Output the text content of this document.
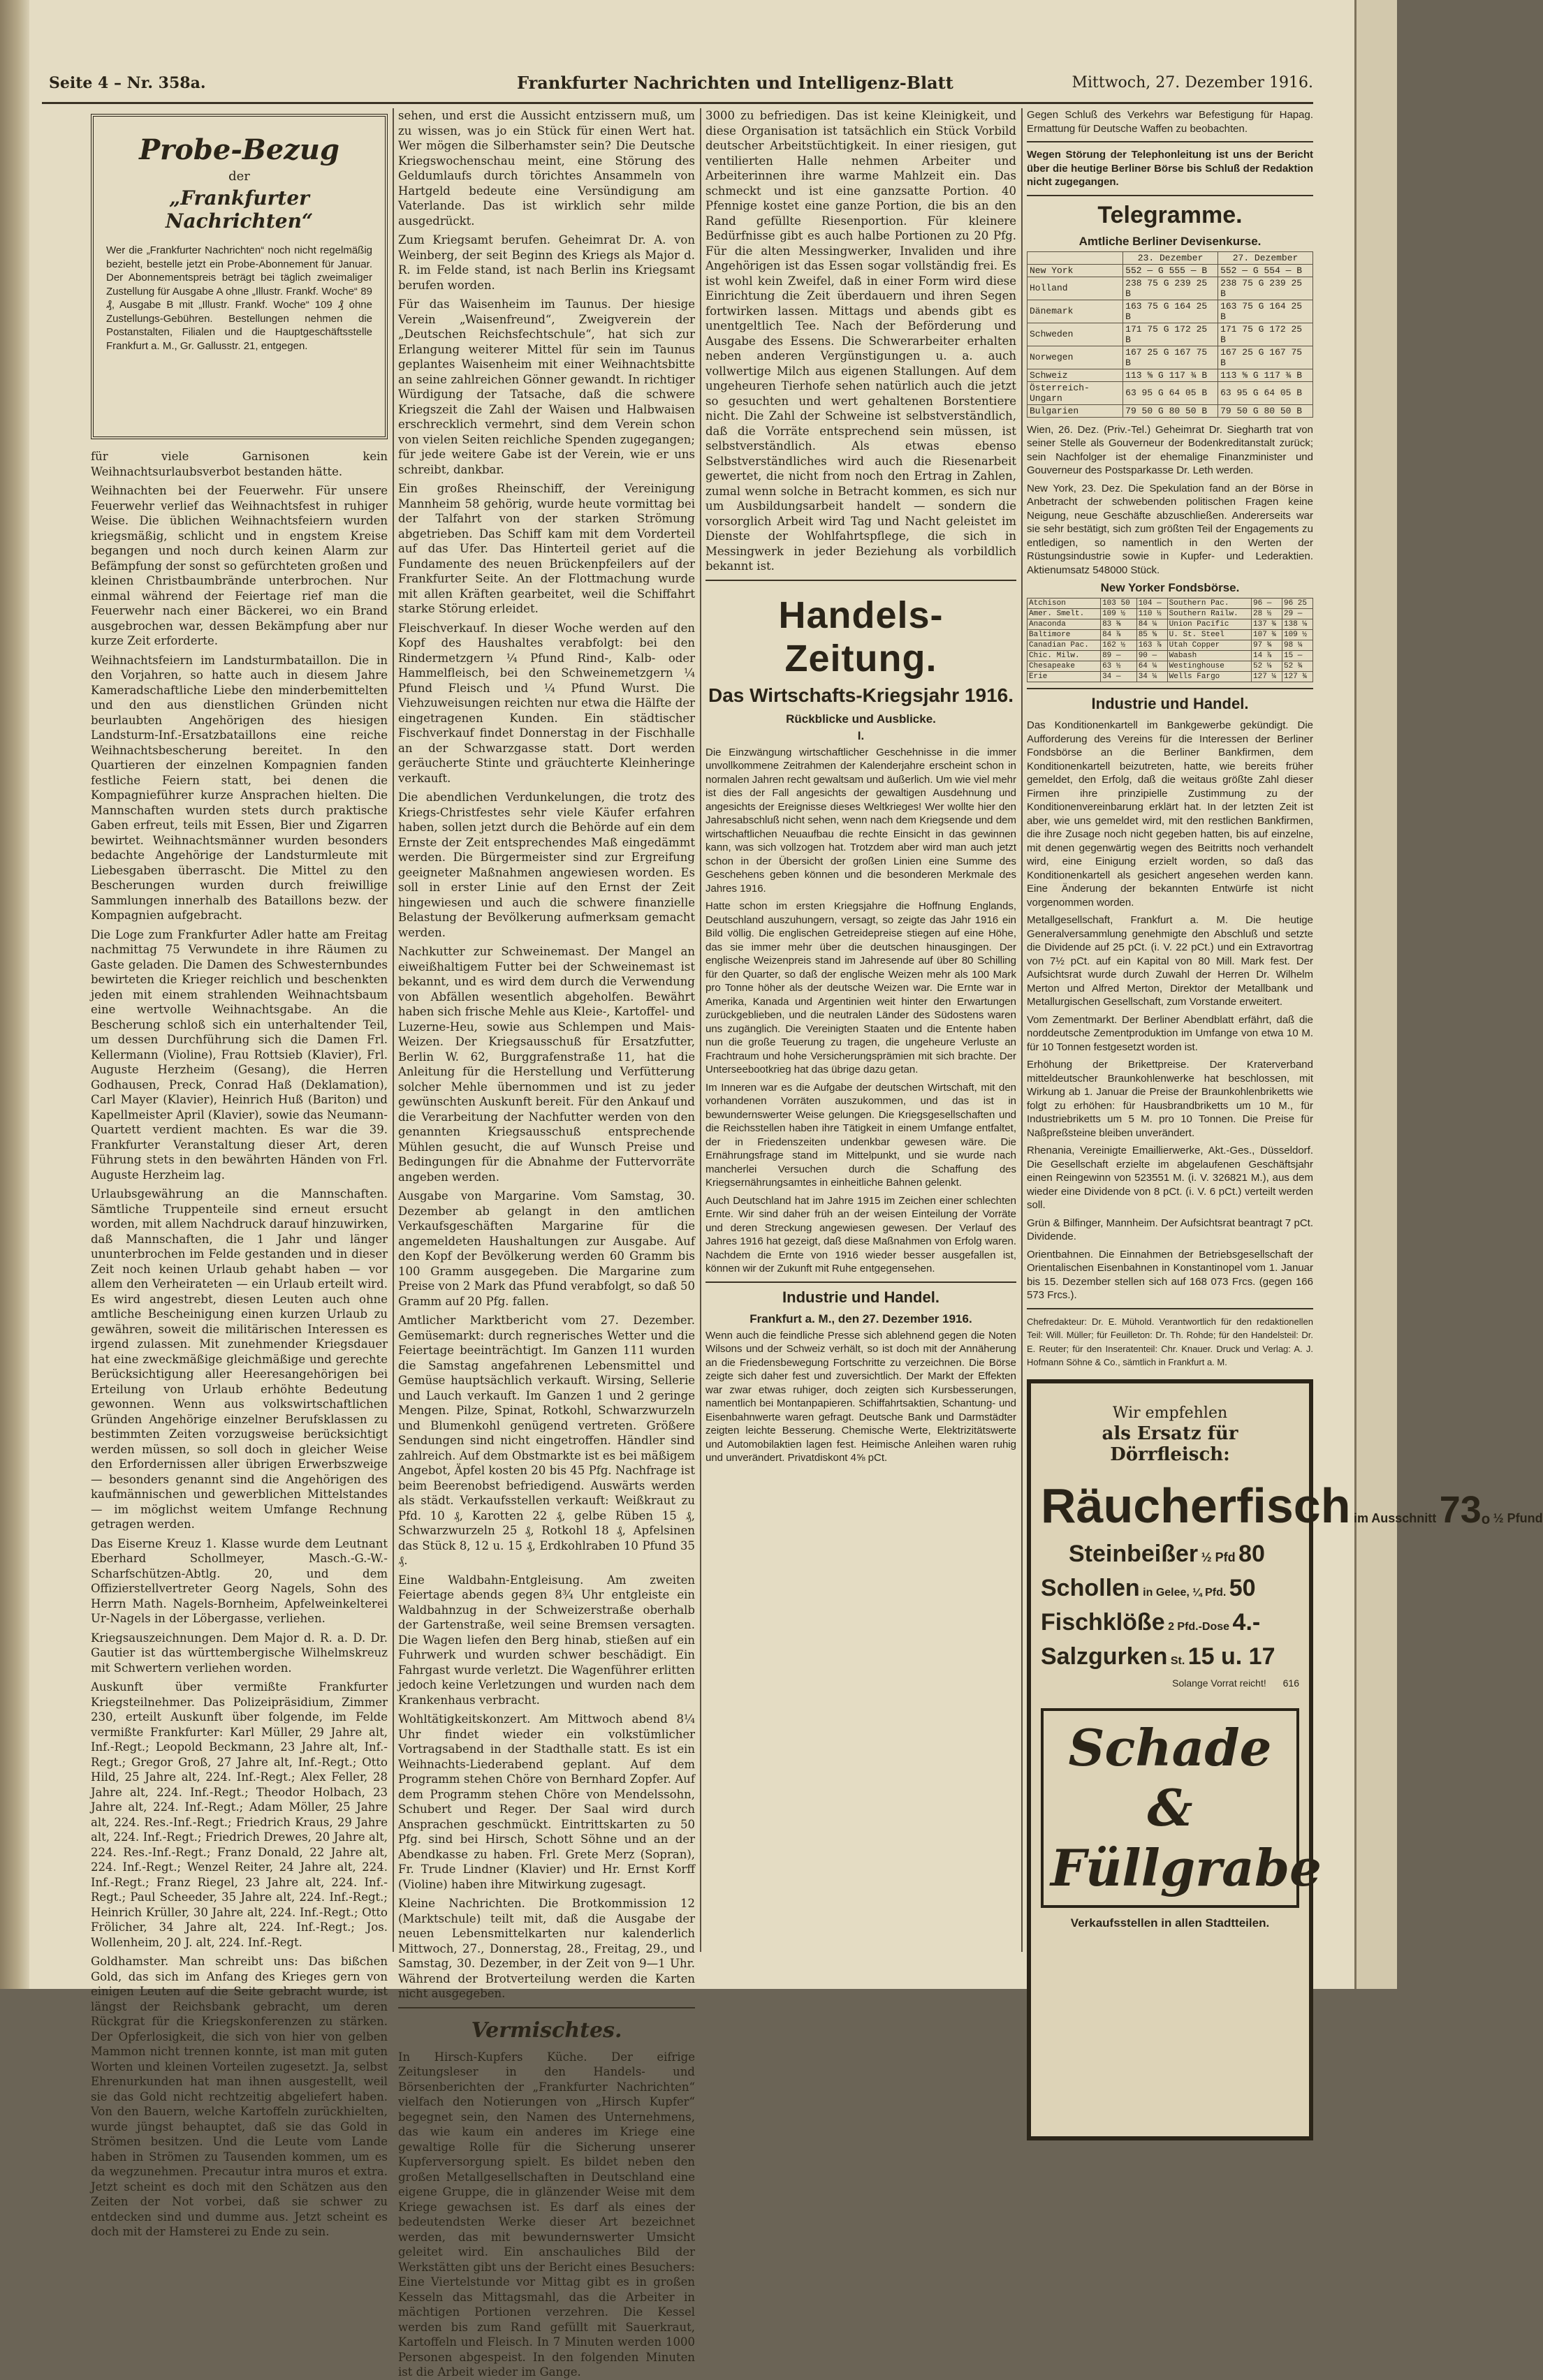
Seite 4 – Nr. 358a.	Frankfurter Nachrichten und Intelligenz-Blatt	Mittwoch, 27. Dezember 1916.
Probe-Bezug
der
„Frankfurter Nachrichten“

Wer die „Frankfurter Nachrichten“ noch nicht regelmäßig bezieht, bestelle jetzt ein Probe-Abonnement für Januar. Der Abonnementspreis beträgt bei täglich zweimaliger Zustellung für Ausgabe A ohne „Illustr. Frankf. Woche“ 89 ₰, Ausgabe B mit „Illustr. Frankf. Woche“ 109 ₰ ohne Zustellungs-Gebühren. Bestellungen nehmen die Postanstalten, Filialen und die Hauptgeschäftsstelle Frankfurt a. M., Gr. Gallusstr. 21, entgegen.

für viele Garnisonen kein Weihnachtsurlaubsverbot bestanden hätte.

Weihnachten bei der Feuerwehr. Für unsere Feuerwehr verlief das Weihnachtsfest in ruhiger Weise. Die üblichen Weihnachtsfeiern wurden kriegsmäßig, schlicht und in engstem Kreise begangen und noch durch keinen Alarm zur Befämpfung der sonst so gefürchteten großen und kleinen Christbaumbrände unterbrochen. Nur einmal während der Feiertage rief man die Feuerwehr nach einer Bäckerei, wo ein Brand ausgebrochen war, dessen Bekämpfung aber nur kurze Zeit erforderte.

Weihnachtsfeiern im Landsturmbataillon. Die in den Vorjahren, so hatte auch in diesem Jahre Kameradschaftliche Liebe den minderbemittelten und den aus dienstlichen Gründen nicht beurlaubten Angehörigen des hiesigen Landsturm-Inf.-Ersatzbataillons eine reiche Weihnachtsbescherung bereitet. In den Quartieren der einzelnen Kompagnien fanden festliche Feiern statt, bei denen die Kompagnieführer kurze Ansprachen hielten. Die Mannschaften wurden stets durch praktische Gaben erfreut, teils mit Essen, Bier und Zigarren bewirtet. Weihnachtsmänner wurden besonders bedachte Angehörige der Landsturmleute mit Liebesgaben überrascht. Die Mittel zu den Bescherungen wurden durch freiwillige Sammlungen innerhalb des Bataillons bezw. der Kompagnien aufgebracht.

Die Loge zum Frankfurter Adler hatte am Freitag nachmittag 75 Verwundete in ihre Räumen zu Gaste geladen. Die Damen des Schwesternbundes bewirteten die Krieger reichlich und beschenkten jeden mit einem strahlenden Weihnachtsbaum eine wertvolle Weihnachtsgabe. An die Bescherung schloß sich ein unterhaltender Teil, um dessen Durchführung sich die Damen Frl. Kellermann (Violine), Frau Rottsieb (Klavier), Frl. Auguste Herzheim (Gesang), die Herren Godhausen, Preck, Conrad Haß (Deklamation), Carl Mayer (Klavier), Heinrich Huß (Bariton) und Kapellmeister April (Klavier), sowie das Neumann-Quartett verdient machten. Es war die 39. Frankfurter Veranstaltung dieser Art, deren Führung stets in den bewährten Händen von Frl. Auguste Herzheim lag.

Urlaubsgewährung an die Mannschaften. Sämtliche Truppenteile sind erneut ersucht worden, mit allem Nachdruck darauf hinzuwirken, daß Mannschaften, die 1 Jahr und länger ununterbrochen im Felde gestanden und in dieser Zeit noch keinen Urlaub gehabt haben — vor allem den Verheirateten — ein Urlaub erteilt wird. Es wird angestrebt, diesen Leuten auch ohne amtliche Bescheinigung einen kurzen Urlaub zu gewähren, soweit die militärischen Interessen es irgend zulassen. Mit zunehmender Kriegsdauer hat eine zweckmäßige gleichmäßige und gerechte Berücksichtigung aller Heeresangehörigen bei Erteilung von Urlaub erhöhte Bedeutung gewonnen. Wenn aus volkswirtschaftlichen Gründen Angehörige einzelner Berufsklassen zu bestimmten Zeiten vorzugsweise berücksichtigt werden müssen, so soll doch in gleicher Weise den Erfordernissen aller übrigen Erwerbszweige — besonders genannt sind die Angehörigen des kaufmännischen und gewerblichen Mittelstandes — im möglichst weitem Umfange Rechnung getragen werden.

Das Eiserne Kreuz 1. Klasse wurde dem Leutnant Eberhard Schollmeyer, Masch.-G.-W.-Scharfschützen-Abtlg. 20, und dem Offizierstellvertreter Georg Nagels, Sohn des Herrn Math. Nagels-Bornheim, Apfelweinkelterei Ur-Nagels in der Löbergasse, verliehen.

Kriegsauszeichnungen. Dem Major d. R. a. D. Dr. Gautier ist das württembergische Wilhelmskreuz mit Schwertern verliehen worden.

Auskunft über vermißte Frankfurter Kriegsteilnehmer. Das Polizeipräsidium, Zimmer 230, erteilt Auskunft über folgende, im Felde vermißte Frankfurter: Karl Müller, 29 Jahre alt, Inf.-Regt.; Leopold Beckmann, 23 Jahre alt, Inf.-Regt.; Gregor Groß, 27 Jahre alt, Inf.-Regt.; Otto Hild, 25 Jahre alt, 224. Inf.-Regt.; Alex Feller, 28 Jahre alt, 224. Inf.-Regt.; Theodor Holbach, 23 Jahre alt, 224. Inf.-Regt.; Adam Möller, 25 Jahre alt, 224. Res.-Inf.-Regt.; Friedrich Kraus, 29 Jahre alt, 224. Inf.-Regt.; Friedrich Drewes, 20 Jahre alt, 224. Res.-Inf.-Regt.; Franz Donald, 22 Jahre alt, 224. Inf.-Regt.; Wenzel Reiter, 24 Jahre alt, 224. Inf.-Regt.; Franz Riegel, 23 Jahre alt, 224. Inf.-Regt.; Paul Scheeder, 35 Jahre alt, 224. Inf.-Regt.; Heinrich Krüller, 30 Jahre alt, 224. Inf.-Regt.; Otto Frölicher, 34 Jahre alt, 224. Inf.-Regt.; Jos. Wollenheim, 20 J. alt, 224. Inf.-Regt.

Goldhamster. Man schreibt uns: Das bißchen Gold, das sich im Anfang des Krieges gern von einigen Leuten auf die Seite gebracht wurde, ist längst der Reichsbank gebracht, um deren Rückgrat für die Kriegskonferenzen zu stärken. Der Opferlosigkeit, die sich von hier von gelben Mammon nicht trennen konnte, ist man mit guten Worten und kleinen Vorteilen zugesetzt. Ja, selbst Ehrenurkunden hat man ihnen ausgestellt, weil sie das Gold nicht rechtzeitig abgeliefert haben. Von den Bauern, welche Kartoffeln zurückhielten, wurde jüngst behauptet, daß sie das Gold in Strömen besitzen. Und die Leute vom Lande haben in Strömen zu Tausenden kommen, um es da wegzunehmen. Precautur intra muros et extra. Jetzt scheint es doch mit den Schätzen aus den Zeiten der Not vorbei, daß sie schwer zu entdecken sind und dumme aus. Jetzt scheint es doch mit der Hamsterei zu Ende zu sein.

sehen, und erst die Aussicht entzissern muß, um zu wissen, was jo ein Stück für einen Wert hat. Wer mögen die Silberhamster sein? Die Deutsche Kriegswochenschau meint, eine Störung des Geldumlaufs durch törichtes Ansammeln von Hartgeld bedeute eine Versündigung am Vaterlande. Das ist wirklich sehr milde ausgedrückt.

Zum Kriegsamt berufen. Geheimrat Dr. A. von Weinberg, der seit Beginn des Kriegs als Major d. R. im Felde stand, ist nach Berlin ins Kriegsamt berufen worden.

Für das Waisenheim im Taunus. Der hiesige Verein „Waisenfreund“, Zweigverein der „Deutschen Reichsfechtschule“, hat sich zur Erlangung weiterer Mittel für sein im Taunus geplantes Waisenheim mit einer Weihnachtsbitte an seine zahlreichen Gönner gewandt. In richtiger Würdigung der Tatsache, daß die schwere Kriegszeit die Zahl der Waisen und Halbwaisen erschrecklich vermehrt, sind dem Verein schon von vielen Seiten reichliche Spenden zugegangen; für jede weitere Gabe ist der Verein, wie er uns schreibt, dankbar.

Ein großes Rheinschiff, der Vereinigung Mannheim 58 gehörig, wurde heute vormittag bei der Talfahrt von der starken Strömung abgetrieben. Das Schiff kam mit dem Vorderteil auf das Ufer. Das Hinterteil geriet auf die Fundamente des neuen Brückenpfeilers auf der Frankfurter Seite. An der Flottmachung wurde mit allen Kräften gearbeitet, weil die Schiffahrt starke Störung erleidet.

Fleischverkauf. In dieser Woche werden auf den Kopf des Haushaltes verabfolgt: bei den Rindermetzgern ¼ Pfund Rind-, Kalb- oder Hammelfleisch, bei den Schweinemetzgern ¼ Pfund Fleisch und ¼ Pfund Wurst. Die Viehzuweisungen reichten nur etwa die Hälfte der eingetragenen Kunden. Ein städtischer Fischverkauf findet Donnerstag in der Fischhalle an der Schwarzgasse statt. Dort werden geräucherte Stinte und gräuchterte Kleinheringe verkauft.

Die abendlichen Verdunkelungen, die trotz des Kriegs-Christfestes sehr viele Käufer erfahren haben, sollen jetzt durch die Behörde auf ein dem Ernste der Zeit entsprechendes Maß eingedämmt werden. Die Bürgermeister sind zur Ergreifung geeigneter Maßnahmen angewiesen worden. Es soll in erster Linie auf den Ernst der Zeit hingewiesen und auch die schwere finanzielle Belastung der Bevölkerung aufmerksam gemacht werden.

Nachkutter zur Schweinemast. Der Mangel an eiweißhaltigem Futter bei der Schweinemast ist bekannt, und es wird dem durch die Verwendung von Abfällen wesentlich abgeholfen. Bewährt haben sich frische Mehle aus Kleie-, Kartoffel- und Luzerne-Heu, sowie aus Schlempen und Mais-Weizen. Der Kriegsausschuß für Ersatzfutter, Berlin W. 62, Burggrafenstraße 11, hat die Anleitung für die Herstellung und Verfütterung solcher Mehle übernommen und ist zu jeder gewünschten Auskunft bereit. Für den Ankauf und die Verarbeitung der Nachfutter werden von den genannten Kriegsausschuß entsprechende Mühlen gesucht, die auf Wunsch Preise und Bedingungen für die Abnahme der Futtervorräte angeben werden.

Ausgabe von Margarine. Vom Samstag, 30. Dezember ab gelangt in den amtlichen Verkaufsgeschäften Margarine für die angemeldeten Haushaltungen zur Ausgabe. Auf den Kopf der Bevölkerung werden 60 Gramm bis 100 Gramm ausgegeben. Die Margarine zum Preise von 2 Mark das Pfund verabfolgt, so daß 50 Gramm auf 20 Pfg. fallen.

Amtlicher Marktbericht vom 27. Dezember. Gemüsemarkt: durch regnerisches Wetter und die Feiertage beeinträchtigt. Im Ganzen 111 wurden die Samstag angefahrenen Lebensmittel und Gemüse hauptsächlich verkauft. Wirsing, Sellerie und Lauch verkauft. Im Ganzen 1 und 2 geringe Mengen. Pilze, Spinat, Rotkohl, Schwarzwurzeln und Blumenkohl genügend vertreten. Größere Sendungen sind nicht eingetroffen. Händler sind zahlreich. Auf dem Obstmarkte ist es bei mäßigem Angebot, Äpfel kosten 20 bis 45 Pfg. Nachfrage ist beim Beerenobst befriedigend. Auswärts werden als städt. Verkaufsstellen verkauft: Weißkraut zu Pfd. 10 ₰, Karotten 22 ₰, gelbe Rüben 15 ₰, Schwarzwurzeln 25 ₰, Rotkohl 18 ₰, Apfelsinen das Stück 8, 12 u. 15 ₰, Erdkohlraben 10 Pfund 35 ₰.

Eine Waldbahn-Entgleisung. Am zweiten Feiertage abends gegen 8¾ Uhr entgleiste ein Waldbahnzug in der Schweizerstraße oberhalb der Gartenstraße, weil seine Bremsen versagten. Die Wagen liefen den Berg hinab, stießen auf ein Fuhrwerk und wurden schwer beschädigt. Ein Fahrgast wurde verletzt. Die Wagenführer erlitten jedoch keine Verletzungen und wurden nach dem Krankenhaus verbracht.

Wohltätigkeitskonzert. Am Mittwoch abend 8¼ Uhr findet wieder ein volkstümlicher Vortragsabend in der Stadthalle statt. Es ist ein Weihnachts-Liederabend geplant. Auf dem Programm stehen Chöre von Bernhard Zopfer. Auf dem Programm stehen Chöre von Mendelssohn, Schubert und Reger. Der Saal wird durch Ansprachen geschmückt. Eintrittskarten zu 50 Pfg. sind bei Hirsch, Schott Söhne und an der Abendkasse zu haben. Frl. Grete Merz (Sopran), Fr. Trude Lindner (Klavier) und Hr. Ernst Korff (Violine) haben ihre Mitwirkung zugesagt.

Kleine Nachrichten. Die Brotkommission 12 (Marktschule) teilt mit, daß die Ausgabe der neuen Lebensmittelkarten nur kalenderlich Mittwoch, 27., Donnerstag, 28., Freitag, 29., und Samstag, 30. Dezember, in der Zeit von 9—1 Uhr. Während der Brotverteilung werden die Karten nicht ausgegeben.

Vermischtes.

In Hirsch-Kupfers Küche. Der eifrige Zeitungsleser in den Handels- und Börsenberichten der „Frankfurter Nachrichten“ vielfach den Notierungen von „Hirsch Kupfer“ begegnet sein, den Namen des Unternehmens, das wie kaum ein anderes im Kriege eine gewaltige Rolle für die Sicherung unserer Kupferversorgung spielt. Es bildet neben den großen Metallgesellschaften in Deutschland eine eigene Gruppe, die in glänzender Weise mit dem Kriege gewachsen ist. Es darf als eines der bedeutendsten Werke dieser Art bezeichnet werden, das mit bewundernswerter Umsicht geleitet wird. Ein anschauliches Bild der Werkstätten gibt uns der Bericht eines Besuchers: Eine Viertelstunde vor Mittag gibt es in großen Kesseln das Mittagsmahl, das die Arbeiter in mächtigen Portionen verzehren. Die Kessel werden bis zum Rand gefüllt mit Sauerkraut, Kartoffeln und Fleisch. In 7 Minuten werden 1000 Personen abgespeist. In den folgenden Minuten ist die Arbeit wieder im Gange.

3000 zu befriedigen. Das ist keine Kleinigkeit, und diese Organisation ist tatsächlich ein Stück Vorbild deutscher Arbeitstüchtigkeit. In einer riesigen, gut ventilierten Halle nehmen Arbeiter und Arbeiterinnen ihre warme Mahlzeit ein. Das schmeckt und ist eine ganzsatte Portion. 40 Pfennige kostet eine ganze Portion, die bis an den Rand gefüllte Riesenportion. Für kleinere Bedürfnisse gibt es auch halbe Portionen zu 20 Pfg. Für die alten Messingwerker, Invaliden und ihre Angehörigen ist das Essen sogar vollständig frei. Es ist wohl kein Zweifel, daß in einer Form wird diese Einrichtung die Zeit überdauern und ihren Segen fortwirken lassen. Mittags und abends gibt es unentgeltlich Tee. Nach der Beförderung und Ausgabe des Essens. Die Schwerarbeiter erhalten neben anderen Vergünstigungen u. a. auch vollwertige Milch aus eigenen Stallungen. Auf dem ungeheuren Tierhofe sehen natürlich auch die jetzt so gesuchten und wert gehaltenen Borstentiere nicht. Die Zahl der Schweine ist selbstverständlich, daß die Vorräte entsprechend sein müssen, ist selbstverständlich. Als etwas ebenso Selbstverständliches wird auch die Riesenarbeit gewertet, die nicht from noch den Ertrag in Zahlen, zumal wenn solche in Betracht kommen, es sich nur um Ausbildungsarbeit handelt — sondern die vorsorglich Arbeit wird Tag und Nacht geleistet im Dienste der Wohlfahrtspflege, die sich in Messingwerk in jeder Beziehung als vorbildlich bekannt ist.

Handels-Zeitung.
Das Wirtschafts-Kriegsjahr 1916.
Rückblicke und Ausblicke.
I.

Die Einzwängung wirtschaftlicher Geschehnisse in die immer unvollkommene Zeitrahmen der Kalenderjahre erscheint schon in normalen Jahren recht gewaltsam und äußerlich. Um wie viel mehr ist dies der Fall angesichts der gewaltigen Ausdehnung und angesichts der Ereignisse dieses Weltkrieges! Wer wollte hier den Jahresabschluß nicht sehen, wenn nach dem Kriegsende und dem wirtschaftlichen Neuaufbau die rechte Einsicht in das gewinnen kann, was sich vollzogen hat. Trotzdem aber wird man auch jetzt schon in der Übersicht der großen Linien eine Summe des Geschehens geben können und die besonderen Merkmale des Jahres 1916.

Hatte schon im ersten Kriegsjahre die Hoffnung Englands, Deutschland auszuhungern, versagt, so zeigte das Jahr 1916 ein Bild völlig. Die englischen Getreidepreise stiegen auf eine Höhe, das sie immer mehr über die deutschen hinausgingen. Der englische Weizenpreis stand im Jahresende auf über 80 Schilling für den Quarter, so daß der englische Weizen mehr als 100 Mark pro Tonne höher als der deutsche Weizen war. Die Ernte war in Amerika, Kanada und Argentinien weit hinter den Erwartungen zurückgeblieben, und die neutralen Länder des Südostens waren uns zugänglich. Die Vereinigten Staaten und die Entente haben nun die große Teuerung zu tragen, die ungeheure Verluste an Frachtraum und hohe Versicherungsprämien mit sich brachte. Der Unterseebootkrieg hat das übrige dazu getan.

Im Inneren war es die Aufgabe der deutschen Wirtschaft, mit den vorhandenen Vorräten auszukommen, und das ist in bewundernswerter Weise gelungen. Die Kriegsgesellschaften und die Reichsstellen haben ihre Tätigkeit in einem Umfange entfaltet, der in Friedenszeiten undenkbar gewesen wäre. Die Ernährungsfrage stand im Mittelpunkt, und sie wurde nach mancherlei Versuchen durch die Schaffung des Kriegsernährungsamtes in einheitliche Bahnen gelenkt.

Auch Deutschland hat im Jahre 1915 im Zeichen einer schlechten Ernte. Wir sind daher früh an der weisen Einteilung der Vorräte und deren Streckung angewiesen gewesen. Der Verlauf des Jahres 1916 hat gezeigt, daß diese Maßnahmen von Erfolg waren. Nachdem die Ernte von 1916 wieder besser ausgefallen ist, können wir der Zukunft mit Ruhe entgegensehen.

Industrie und Handel.
Frankfurt a. M., den 27. Dezember 1916.

Wenn auch die feindliche Presse sich ablehnend gegen die Noten Wilsons und der Schweiz verhält, so ist doch mit der Annäherung an die Friedensbewegung Fortschritte zu verzeichnen. Die Börse zeigte sich daher fest und zuversichtlich. Der Markt der Effekten war zwar etwas ruhiger, doch zeigten sich Kursbesserungen, namentlich bei Montanpapieren. Schiffahrtsaktien, Schantung- und Eisenbahnwerte waren gefragt. Deutsche Bank und Darmstädter zeigten leichte Besserung. Chemische Werte, Elektrizitätswerte und Automobilaktien lagen fest. Heimische Anleihen waren ruhig und unverändert. Privatdiskont 4⅝ pCt.

Gegen Schluß des Verkehrs war Befestigung für Hapag. Ermattung für Deutsche Waffen zu beobachten.

Wegen Störung der Telephonleitung ist uns der Bericht über die heutige Berliner Börse bis Schluß der Redaktion nicht zugegangen.

Telegramme.
Amtliche Berliner Devisenkurse.
	23. Dezember	27. Dezember
New York	552 — G 555 — B	552 — G 554 — B
Holland	238 75 G 239 25 B	238 75 G 239 25 B
Dänemark	163 75 G 164 25 B	163 75 G 164 25 B
Schweden	171 75 G 172 25 B	171 75 G 172 25 B
Norwegen	167 25 G 167 75 B	167 25 G 167 75 B
Schweiz	113 ⅝ G 117 ¾ B	113 ⅝ G 117 ¾ B
Österreich-Ungarn	63 95 G 64 05 B	63 95 G 64 05 B
Bulgarien	79 50 G 80 50 B	79 50 G 80 50 B

Wien, 26. Dez. (Priv.-Tel.) Geheimrat Dr. Siegharth trat von seiner Stelle als Gouverneur der Bodenkreditanstalt zurück; sein Nachfolger ist der ehemalige Finanzminister und Gouverneur des Postsparkasse Dr. Leth werden.

New York, 23. Dez. Die Spekulation fand an der Börse in Anbetracht der schwebenden politischen Fragen keine Neigung, neue Geschäfte abzuschließen. Andererseits war sie sehr bestätigt, sich zum größten Teil der Engagements zu entledigen, so namentlich in den Werten der Rüstungsindustrie sowie in Kupfer- und Lederaktien. Aktienumsatz 548000 Stück.

New Yorker Fondsbörse.
Atchison	103 50	104 —	Southern Pac.	96 —	96 25
Amer. Smelt.	109 ½	110 ½	Southern Railw.	28 ½	29 —
Anaconda	83 ⅜	84 ¼	Union Pacific	137 ¾	138 ⅛
Baltimore	84 ⅞	85 ⅝	U. St. Steel	107 ¾	109 ½
Canadian Pac.	162 ½	163 ⅞	Utah Copper	97 ¾	98 ¼
Chic. Milw.	89 —	90 —	Wabash	14 ⅞	15 —
Chesapeake	63 ½	64 ¼	Westinghouse	52 ⅛	52 ¾
Erie	34 —	34 ¼	Wells Fargo	127 ¼	127 ¾
Industrie und Handel.

Das Konditionenkartell im Bankgewerbe gekündigt. Die Aufforderung des Vereins für die Interessen der Berliner Fondsbörse an die Berliner Bankfirmen, dem Konditionenkartell beizutreten, hatte, wie bereits früher gemeldet, den Erfolg, daß die weitaus größte Zahl dieser Firmen ihre prinzipielle Zustimmung zu der Konditionenvereinbarung erklärt hat. In der letzten Zeit ist aber, wie uns gemeldet wird, mit den restlichen Bankfirmen, die ihre Zusage noch nicht gegeben hatten, bis auf einzelne, mit denen gegenwärtig wegen des Beitritts noch verhandelt wird, eine Einigung erzielt worden, so daß das Konditionenkartell als gesichert angesehen werden kann. Eine Änderung der bekannten Entwürfe ist nicht vorgenommen worden.

Metallgesellschaft, Frankfurt a. M. Die heutige Generalversammlung genehmigte den Abschluß und setzte die Dividende auf 25 pCt. (i. V. 22 pCt.) und ein Extravortrag von 7½ pCt. auf ein Kapital von 80 Mill. Mark fest. Der Aufsichtsrat wurde durch Zuwahl der Herren Dr. Wilhelm Merton und Alfred Merton, Direktor der Metallbank und Metallurgischen Gesellschaft, zum Vorstande erweitert.

Vom Zementmarkt. Der Berliner Abendblatt erfährt, daß die norddeutsche Zementproduktion im Umfange von etwa 10 M. für 10 Tonnen festgesetzt worden ist.

Erhöhung der Brikettpreise. Der Kraterverband mitteldeutscher Braunkohlenwerke hat beschlossen, mit Wirkung ab 1. Januar die Preise der Braunkohlenbriketts wie folgt zu erhöhen: für Hausbrandbriketts um 10 M., für Industriebriketts um 5 M. pro 10 Tonnen. Die Preise für Naßpreßsteine bleiben unverändert.

Rhenania, Vereinigte Emaillierwerke, Akt.-Ges., Düsseldorf. Die Gesellschaft erzielte im abgelaufenen Geschäftsjahr einen Reingewinn von 523551 M. (i. V. 326821 M.), aus dem wieder eine Dividende von 8 pCt. (i. V. 6 pCt.) verteilt werden soll.

Grün & Bilfinger, Mannheim. Der Aufsichtsrat beantragt 7 pCt. Dividende.

Orientbahnen. Die Einnahmen der Betriebsgesellschaft der Orientalischen Eisenbahnen in Konstantinopel vom 1. Januar bis 15. Dezember stellen sich auf 168 073 Frcs. (gegen 166 573 Frcs.).

Chefredakteur: Dr. E. Mühold. Verantwortlich für den redaktionellen Teil: Will. Müller; für Feuilleton: Dr. Th. Rohde; für den Handelsteil: Dr. E. Reuter; für den Inseratenteil: Chr. Knauer. Druck und Verlag: A. J. Hofmann Söhne & Co., sämtlich in Frankfurt a. M.

Wir empfehlen
als Ersatz für Dörrfleisch:
Räucherfisch im Ausschnitt 73ₒ ½ Pfund
Steinbeißer ½ Pfd 80
Schollen in Gelee, ¼ Pfd. 50
Fischklöße 2 Pfd.-Dose 4.-
Salzgurken St. 15 u. 17
Solange Vorrat reicht! 616
Schade & Füllgrabe
Verkaufsstellen in allen Stadtteilen.
